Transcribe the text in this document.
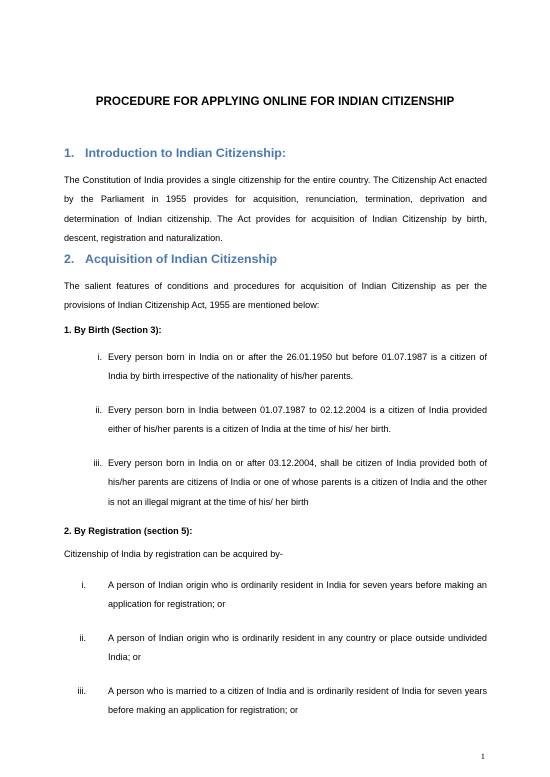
PROCEDURE FOR APPLYING ONLINE FOR INDIAN CITIZENSHIP
1. Introduction to Indian Citizenship:
The Constitution of India provides a single citizenship for the entire country. The Citizenship Act enacted by the Parliament in 1955 provides for acquisition, renunciation, termination, deprivation and determination of Indian citizenship. The Act provides for acquisition of Indian Citizenship by birth, descent, registration and naturalization.
2. Acquisition of Indian Citizenship
The salient features of conditions and procedures for acquisition of Indian Citizenship as per the provisions of Indian Citizenship Act, 1955 are mentioned below:
1. By Birth (Section 3):
i. Every person born in India on or after the 26.01.1950 but before 01.07.1987 is a citizen of India by birth irrespective of the nationality of his/her parents.
ii. Every person born in India between 01.07.1987 to 02.12.2004 is a citizen of India provided either of his/her parents is a citizen of India at the time of his/ her birth.
iii. Every person born in India on or after 03.12.2004, shall be citizen of India provided both of his/her parents are citizens of India or one of whose parents is a citizen of India and the other is not an illegal migrant at the time of his/ her birth
2. By Registration (section 5):
Citizenship of India by registration can be acquired by-
i. A person of Indian origin who is ordinarily resident in India for seven years before making an application for registration; or
ii. A person of Indian origin who is ordinarily resident in any country or place outside undivided India; or
iii. A person who is married to a citizen of India and is ordinarily resident of India for seven years before making an application for registration; or
1
